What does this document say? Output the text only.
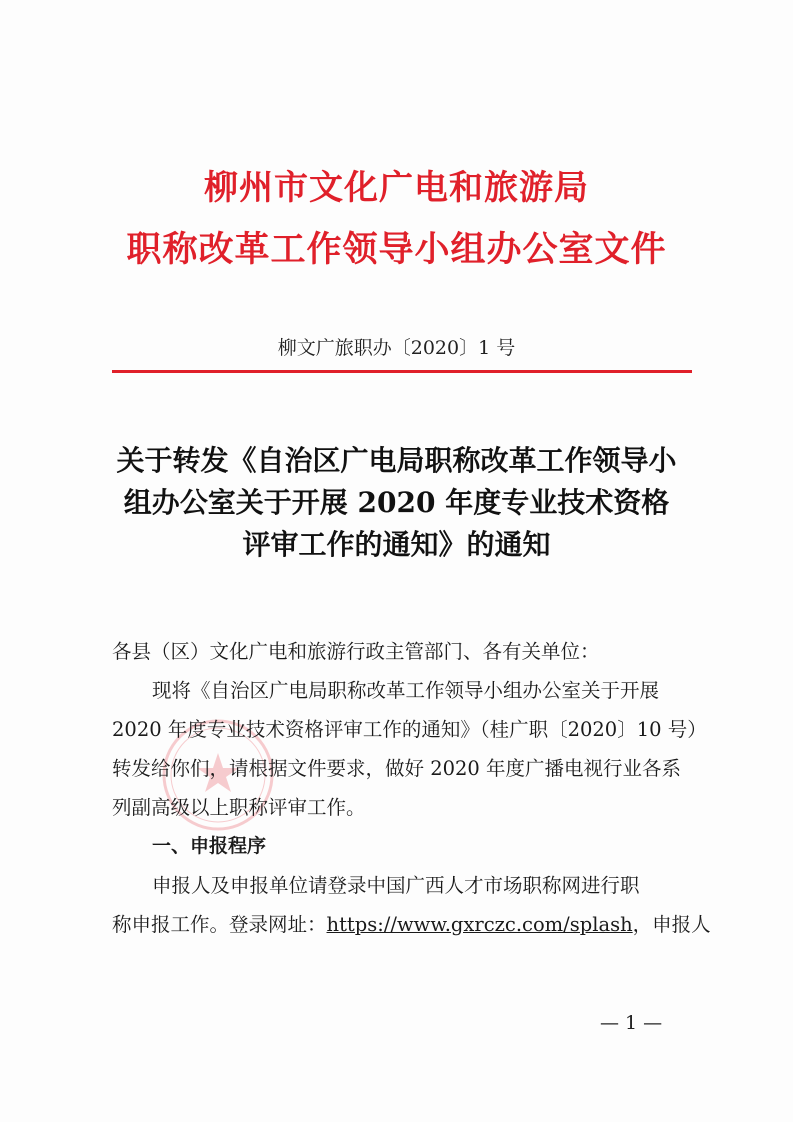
柳州市文化广电和旅游局
职称改革工作领导小组办公室文件
柳文广旅职办〔2020〕1 号
关于转发《自治区广电局职称改革工作领导小
组办公室关于开展 2020 年度专业技术资格
评审工作的通知》的通知
各县（区）文化广电和旅游行政主管部门、各有关单位：
现将《自治区广电局职称改革工作领导小组办公室关于开展
2020 年度专业技术资格评审工作的通知》（桂广职〔2020〕10 号）
转发给你们，请根据文件要求，做好 2020 年度广播电视行业各系
列副高级以上职称评审工作。
一、申报程序
申报人及申报单位请登录中国广西人才市场职称网进行职
称申报工作。登录网址：https://www.gxrczc.com/splash，申报人
— 1 —
